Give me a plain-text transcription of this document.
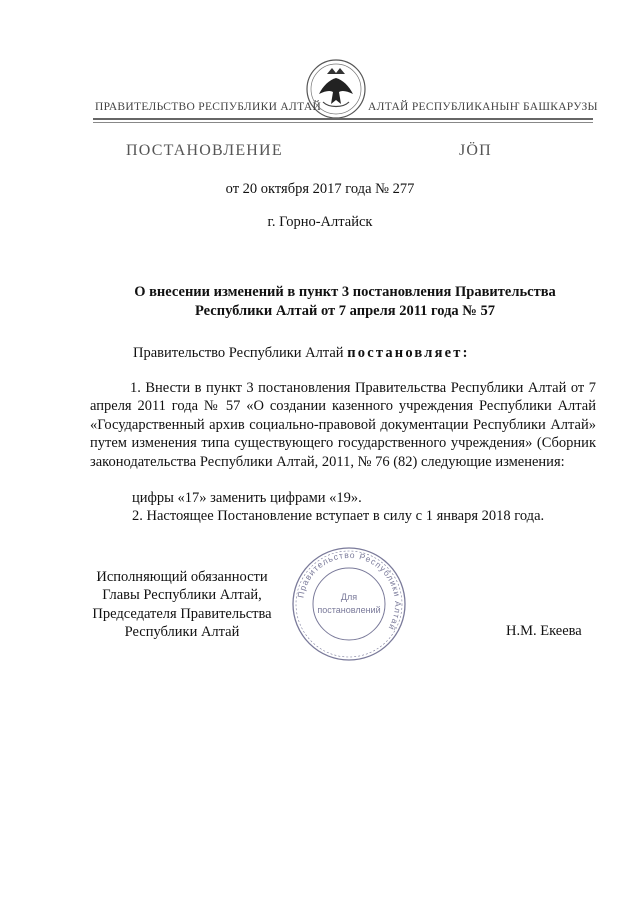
ПРАВИТЕЛЬСТВО РЕСПУБЛИКИ АЛТАЙ	АЛТАЙ РЕСПУБЛИКАНЫҤ БАШКАРУЗЫ
ПОСТАНОВЛЕНИЕ	ЈӦП
от 20 октября 2017 года № 277
г. Горно-Алтайск
О внесении изменений в пункт 3 постановления Правительства
Республики Алтай от 7 апреля 2011 года № 57
Правительство Республики Алтай постановляет:
1. Внести в пункт 3 постановления Правительства Республики Алтай от 7 апреля 2011 года № 57 «О создании казенного учреждения Республики Алтай «Государственный архив социально-правовой документации Республики Алтай» путем изменения типа существующего государственного учреждения» (Сборник законодательства Республики Алтай, 2011, № 76 (82) следующие изменения:
цифры «17» заменить цифрами «19».
2. Настоящее Постановление вступает в силу с 1 января 2018 года.
Исполняющий обязанности
Главы Республики Алтай,
Председателя Правительства
Республики Алтай	Н.М. Екеева
Правительство Республики Алтай
Для
постановлений
